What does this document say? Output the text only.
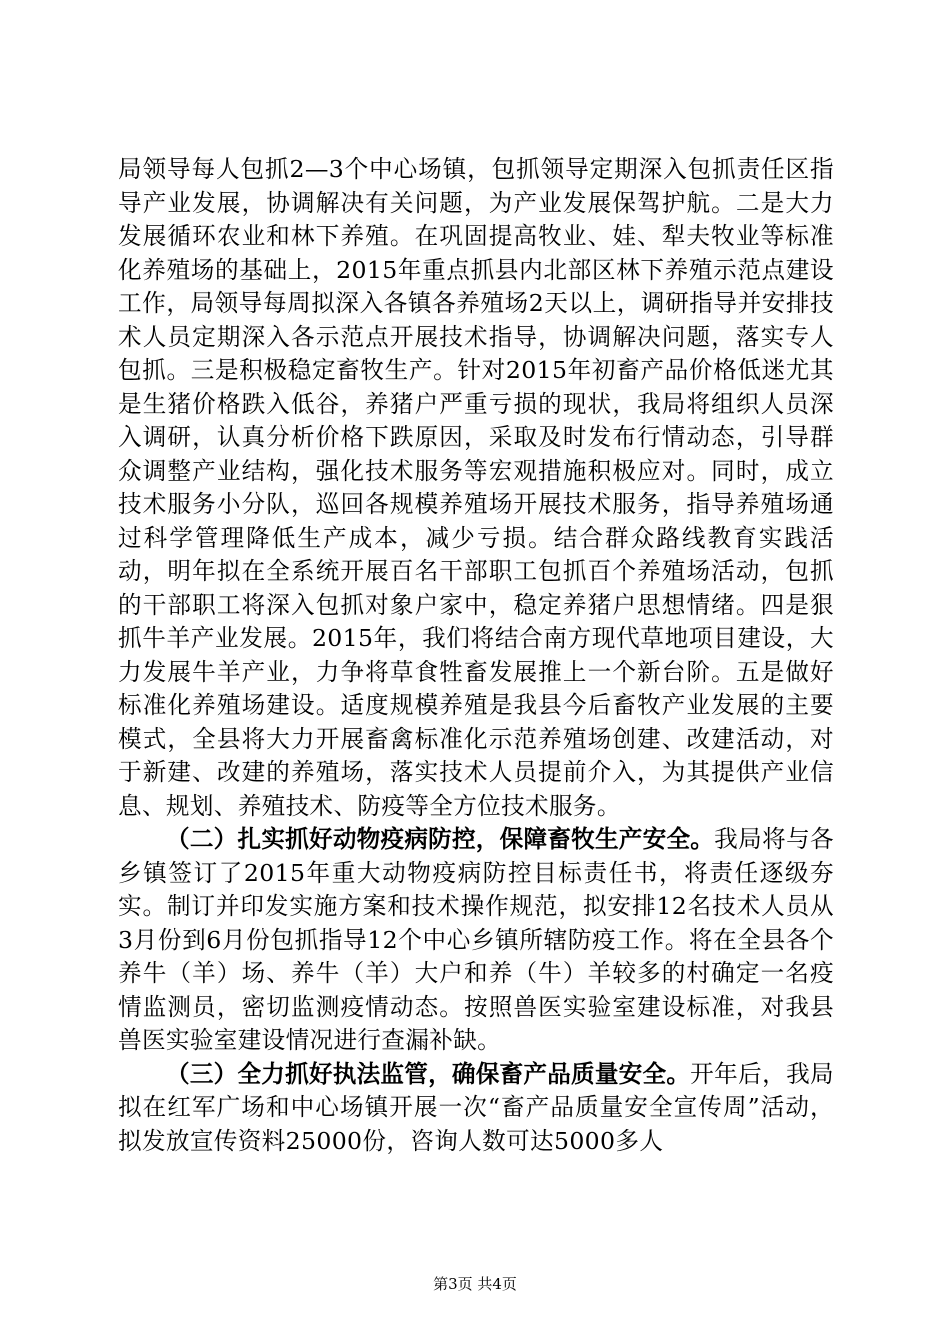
局领导每人包抓2—3个中心场镇，包抓领导定期深入包抓责任区指导产业发展，协调解决有关问题，为产业发展保驾护航。二是大力发展循环农业和林下养殖。在巩固提高牧业、娃、犁夫牧业等标准化养殖场的基础上，2015年重点抓县内北部区林下养殖示范点建设工作，局领导每周拟深入各镇各养殖场2天以上，调研指导并安排技术人员定期深入各示范点开展技术指导，协调解决问题，落实专人包抓。三是积极稳定畜牧生产。针对2015年初畜产品价格低迷尤其是生猪价格跌入低谷，养猪户严重亏损的现状，我局将组织人员深入调研，认真分析价格下跌原因，采取及时发布行情动态，引导群众调整产业结构，强化技术服务等宏观措施积极应对。同时，成立技术服务小分队，巡回各规模养殖场开展技术服务，指导养殖场通过科学管理降低生产成本，减少亏损。结合群众路线教育实践活动，明年拟在全系统开展百名干部职工包抓百个养殖场活动，包抓的干部职工将深入包抓对象户家中，稳定养猪户思想情绪。四是狠抓牛羊产业发展。2015年，我们将结合南方现代草地项目建设，大力发展牛羊产业，力争将草食牲畜发展推上一个新台阶。五是做好标准化养殖场建设。适度规模养殖是我县今后畜牧产业发展的主要模式，全县将大力开展畜禽标准化示范养殖场创建、改建活动，对于新建、改建的养殖场，落实技术人员提前介入，为其提供产业信息、规划、养殖技术、防疫等全方位技术服务。

（二）扎实抓好动物疫病防控，保障畜牧生产安全。我局将与各乡镇签订了2015年重大动物疫病防控目标责任书，将责任逐级夯实。制订并印发实施方案和技术操作规范，拟安排12名技术人员从3月份到6月份包抓指导12个中心乡镇所辖防疫工作。将在全县各个养牛（羊）场、养牛（羊）大户和养（牛）羊较多的村确定一名疫情监测员，密切监测疫情动态。按照兽医实验室建设标准，对我县兽医实验室建设情况进行查漏补缺。

（三）全力抓好执法监管，确保畜产品质量安全。开年后，我局拟在红军广场和中心场镇开展一次“畜产品质量安全宣传周”活动，拟发放宣传资料25000份，咨询人数可达5000多人

第3页 共4页
